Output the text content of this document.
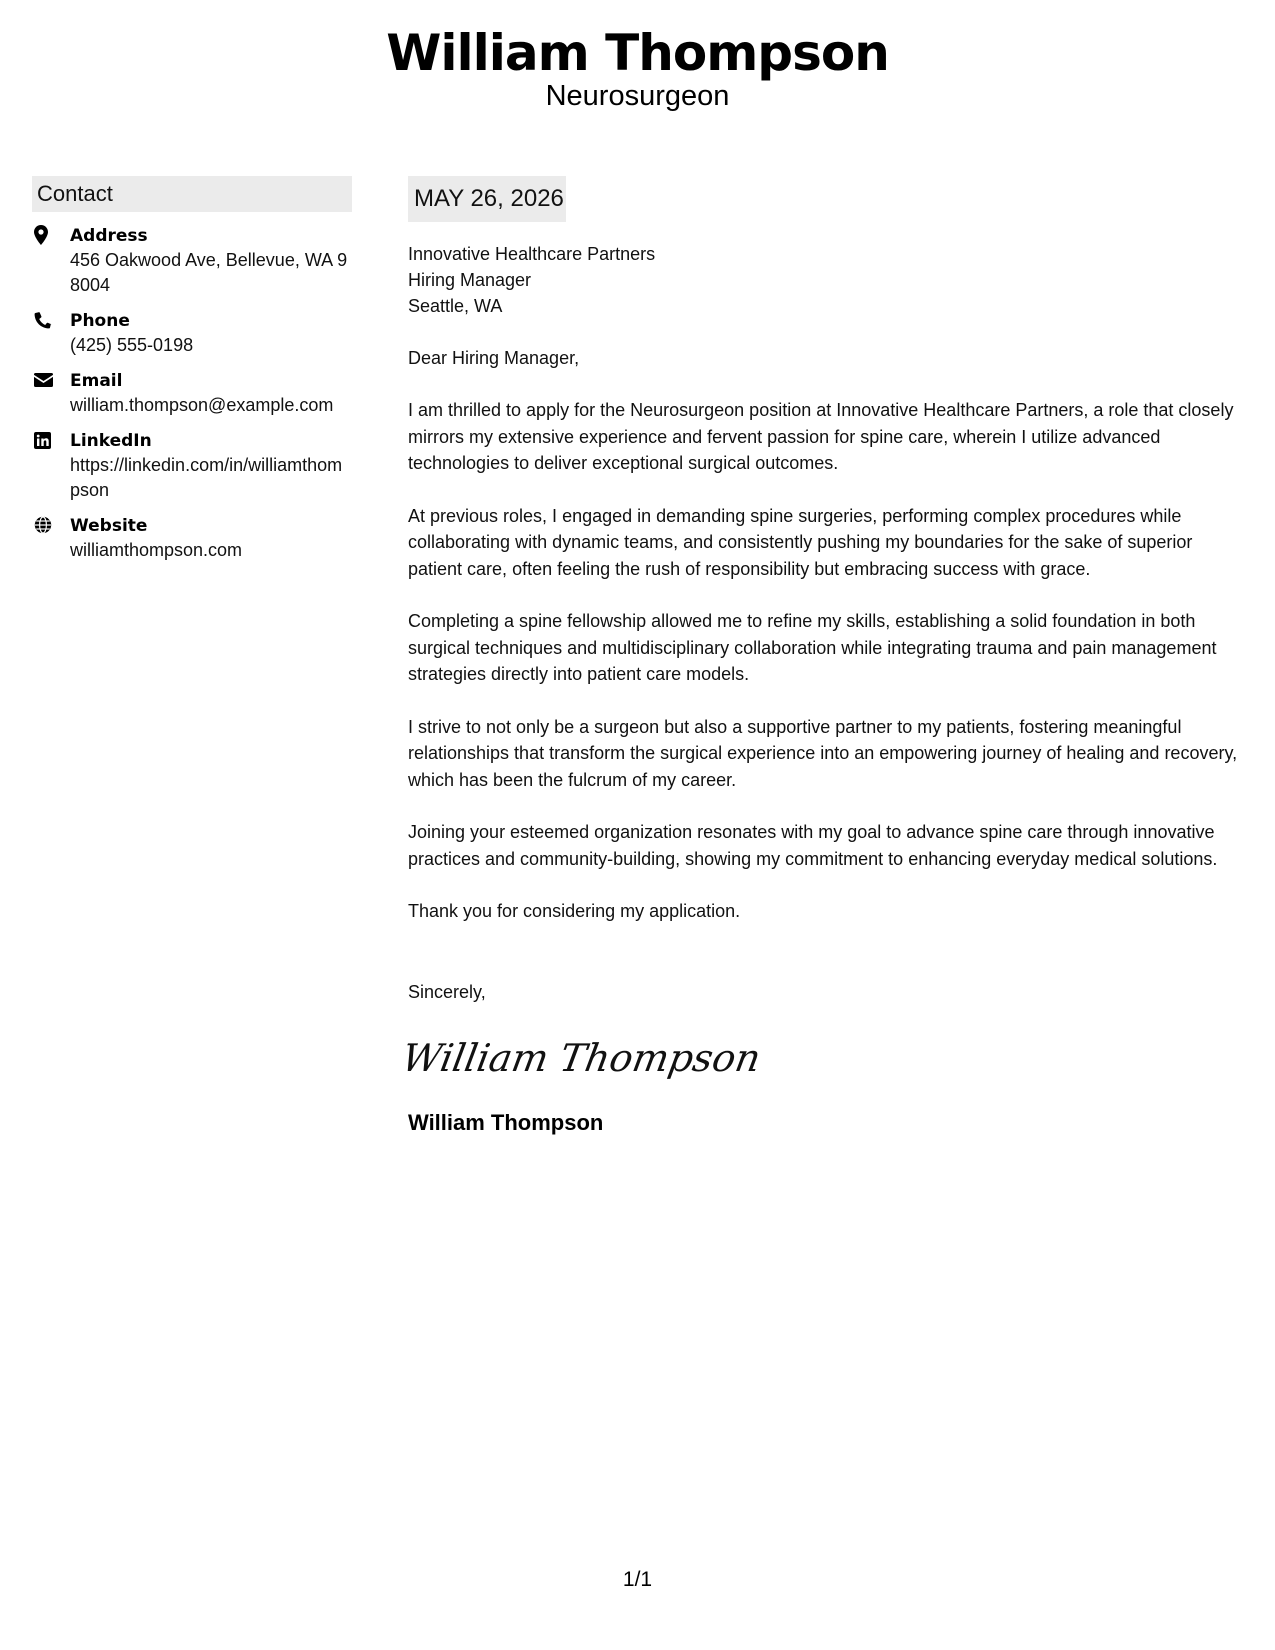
William Thompson
Neurosurgeon
Contact
Address
456 Oakwood Ave, Bellevue, WA 98004
Phone
(425) 555-0198
Email
william.thompson@example.com
LinkedIn
https://linkedin.com/in/williamthompson
Website
williamthompson.com
MAY 26, 2026
Innovative Healthcare Partners
Hiring Manager
Seattle, WA
Dear Hiring Manager,
I am thrilled to apply for the Neurosurgeon position at Innovative Healthcare Partners, a role that closely mirrors my extensive experience and fervent passion for spine care, wherein I utilize advanced technologies to deliver exceptional surgical outcomes.
At previous roles, I engaged in demanding spine surgeries, performing complex procedures while collaborating with dynamic teams, and consistently pushing my boundaries for the sake of superior patient care, often feeling the rush of responsibility but embracing success with grace.
Completing a spine fellowship allowed me to refine my skills, establishing a solid foundation in both surgical techniques and multidisciplinary collaboration while integrating trauma and pain management strategies directly into patient care models.
I strive to not only be a surgeon but also a supportive partner to my patients, fostering meaningful relationships that transform the surgical experience into an empowering journey of healing and recovery, which has been the fulcrum of my career.
Joining your esteemed organization resonates with my goal to advance spine care through innovative practices and community-building, showing my commitment to enhancing everyday medical solutions.
Thank you for considering my application.
Sincerely,
William Thompson
William Thompson
1/1
